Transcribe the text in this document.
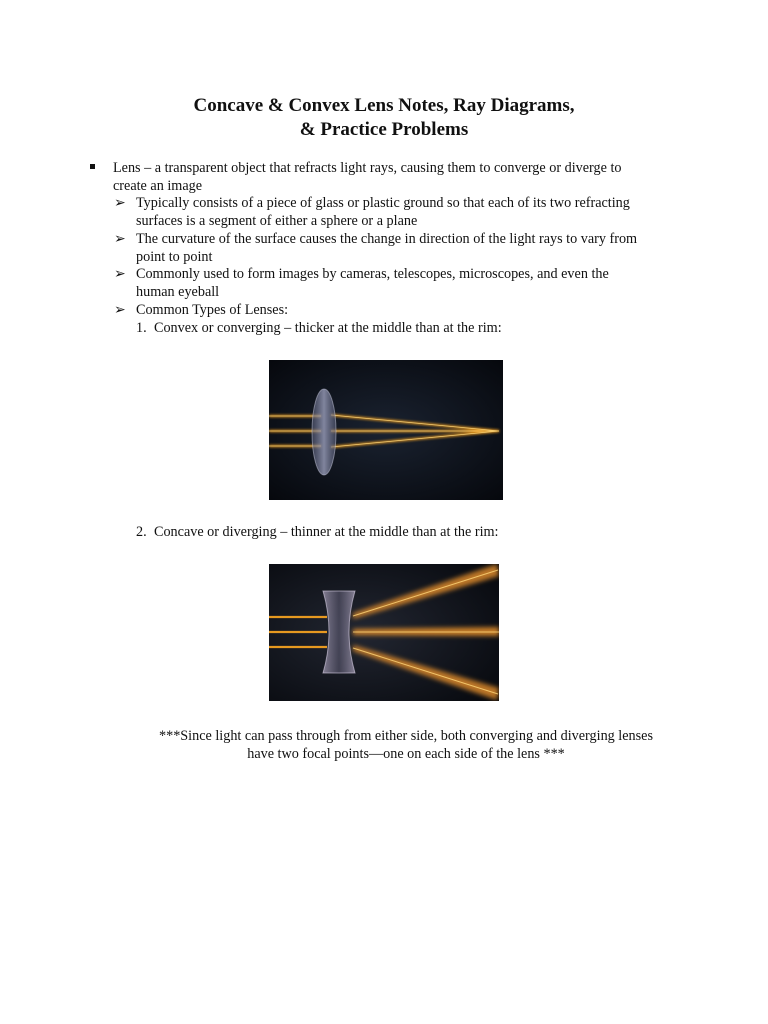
Concave & Convex Lens Notes, Ray Diagrams,
& Practice Problems
Lens – a transparent object that refracts light rays, causing them to converge or diverge to
create an image
➢ Typically consists of a piece of glass or plastic ground so that each of its two refracting
surfaces is a segment of either a sphere or a plane
➢ The curvature of the surface causes the change in direction of the light rays to vary from
point to point
➢ Commonly used to form images by cameras, telescopes, microscopes, and even the
human eyeball
➢ Common Types of Lenses:
1. Convex or converging – thicker at the middle than at the rim:
2. Concave or diverging – thinner at the middle than at the rim:
***Since light can pass through from either side, both converging and diverging lenses
have two focal points—one on each side of the lens ***
